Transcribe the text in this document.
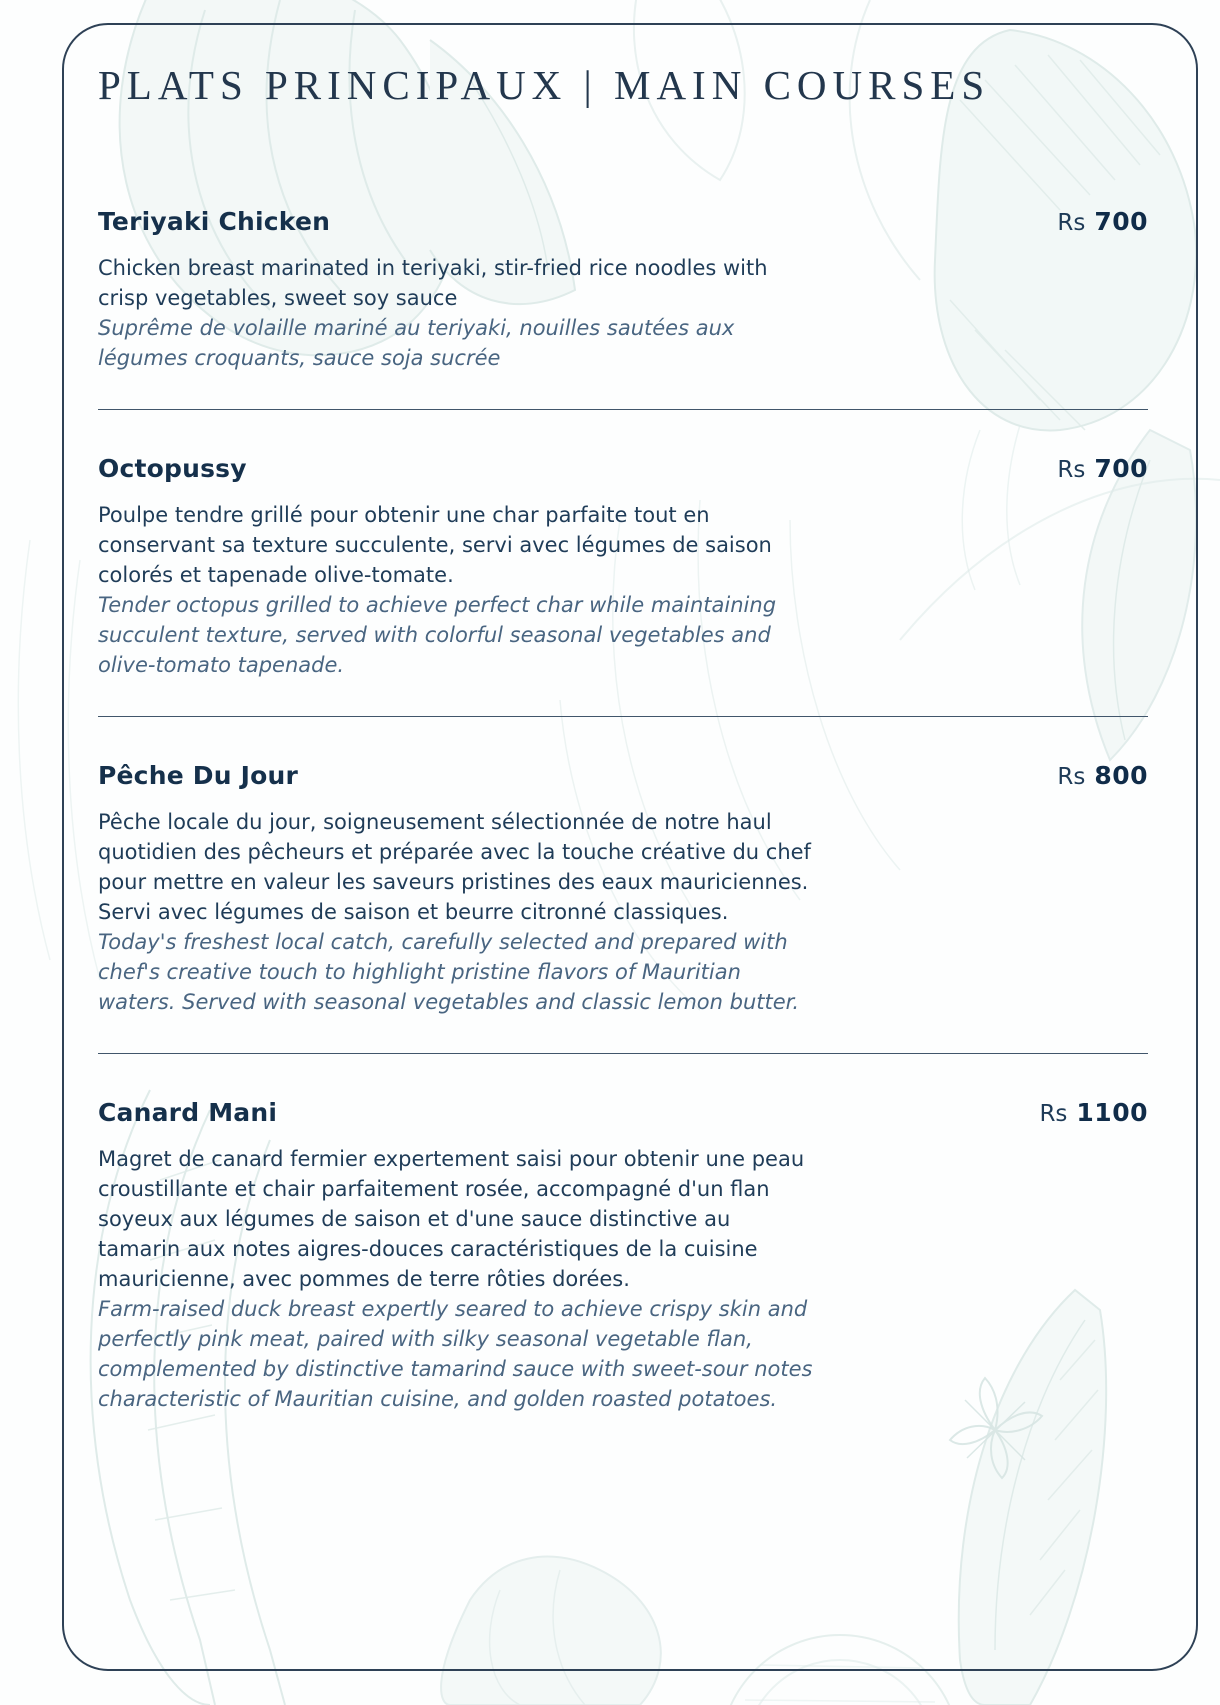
PLATS PRINCIPAUX | MAIN COURSES
Teriyaki Chicken	Rs 700

Chicken breast marinated in teriyaki, stir-fried rice noodles with crisp vegetables, sweet soy sauce

Suprême de volaille mariné au teriyaki, nouilles sautées aux légumes croquants, sauce soja sucrée

Octopussy	Rs 700

Poulpe tendre grillé pour obtenir une char parfaite tout en conservant sa texture succulente, servi avec légumes de saison colorés et tapenade olive-tomate.

Tender octopus grilled to achieve perfect char while maintaining succulent texture, served with colorful seasonal vegetables and olive-tomato tapenade.

Pêche Du Jour	Rs 800

Pêche locale du jour, soigneusement sélectionnée de notre haul quotidien des pêcheurs et préparée avec la touche créative du chef pour mettre en valeur les saveurs pristines des eaux mauriciennes. Servi avec légumes de saison et beurre citronné classiques.

Today's freshest local catch, carefully selected and prepared with chef's creative touch to highlight pristine flavors of Mauritian waters. Served with seasonal vegetables and classic lemon butter.

Canard Mani	Rs 1100

Magret de canard fermier expertement saisi pour obtenir une peau croustillante et chair parfaitement rosée, accompagné d'un flan soyeux aux légumes de saison et d'une sauce distinctive au tamarin aux notes aigres-douces caractéristiques de la cuisine mauricienne, avec pommes de terre rôties dorées.

Farm-raised duck breast expertly seared to achieve crispy skin and perfectly pink meat, paired with silky seasonal vegetable flan, complemented by distinctive tamarind sauce with sweet-sour notes characteristic of Mauritian cuisine, and golden roasted potatoes.
